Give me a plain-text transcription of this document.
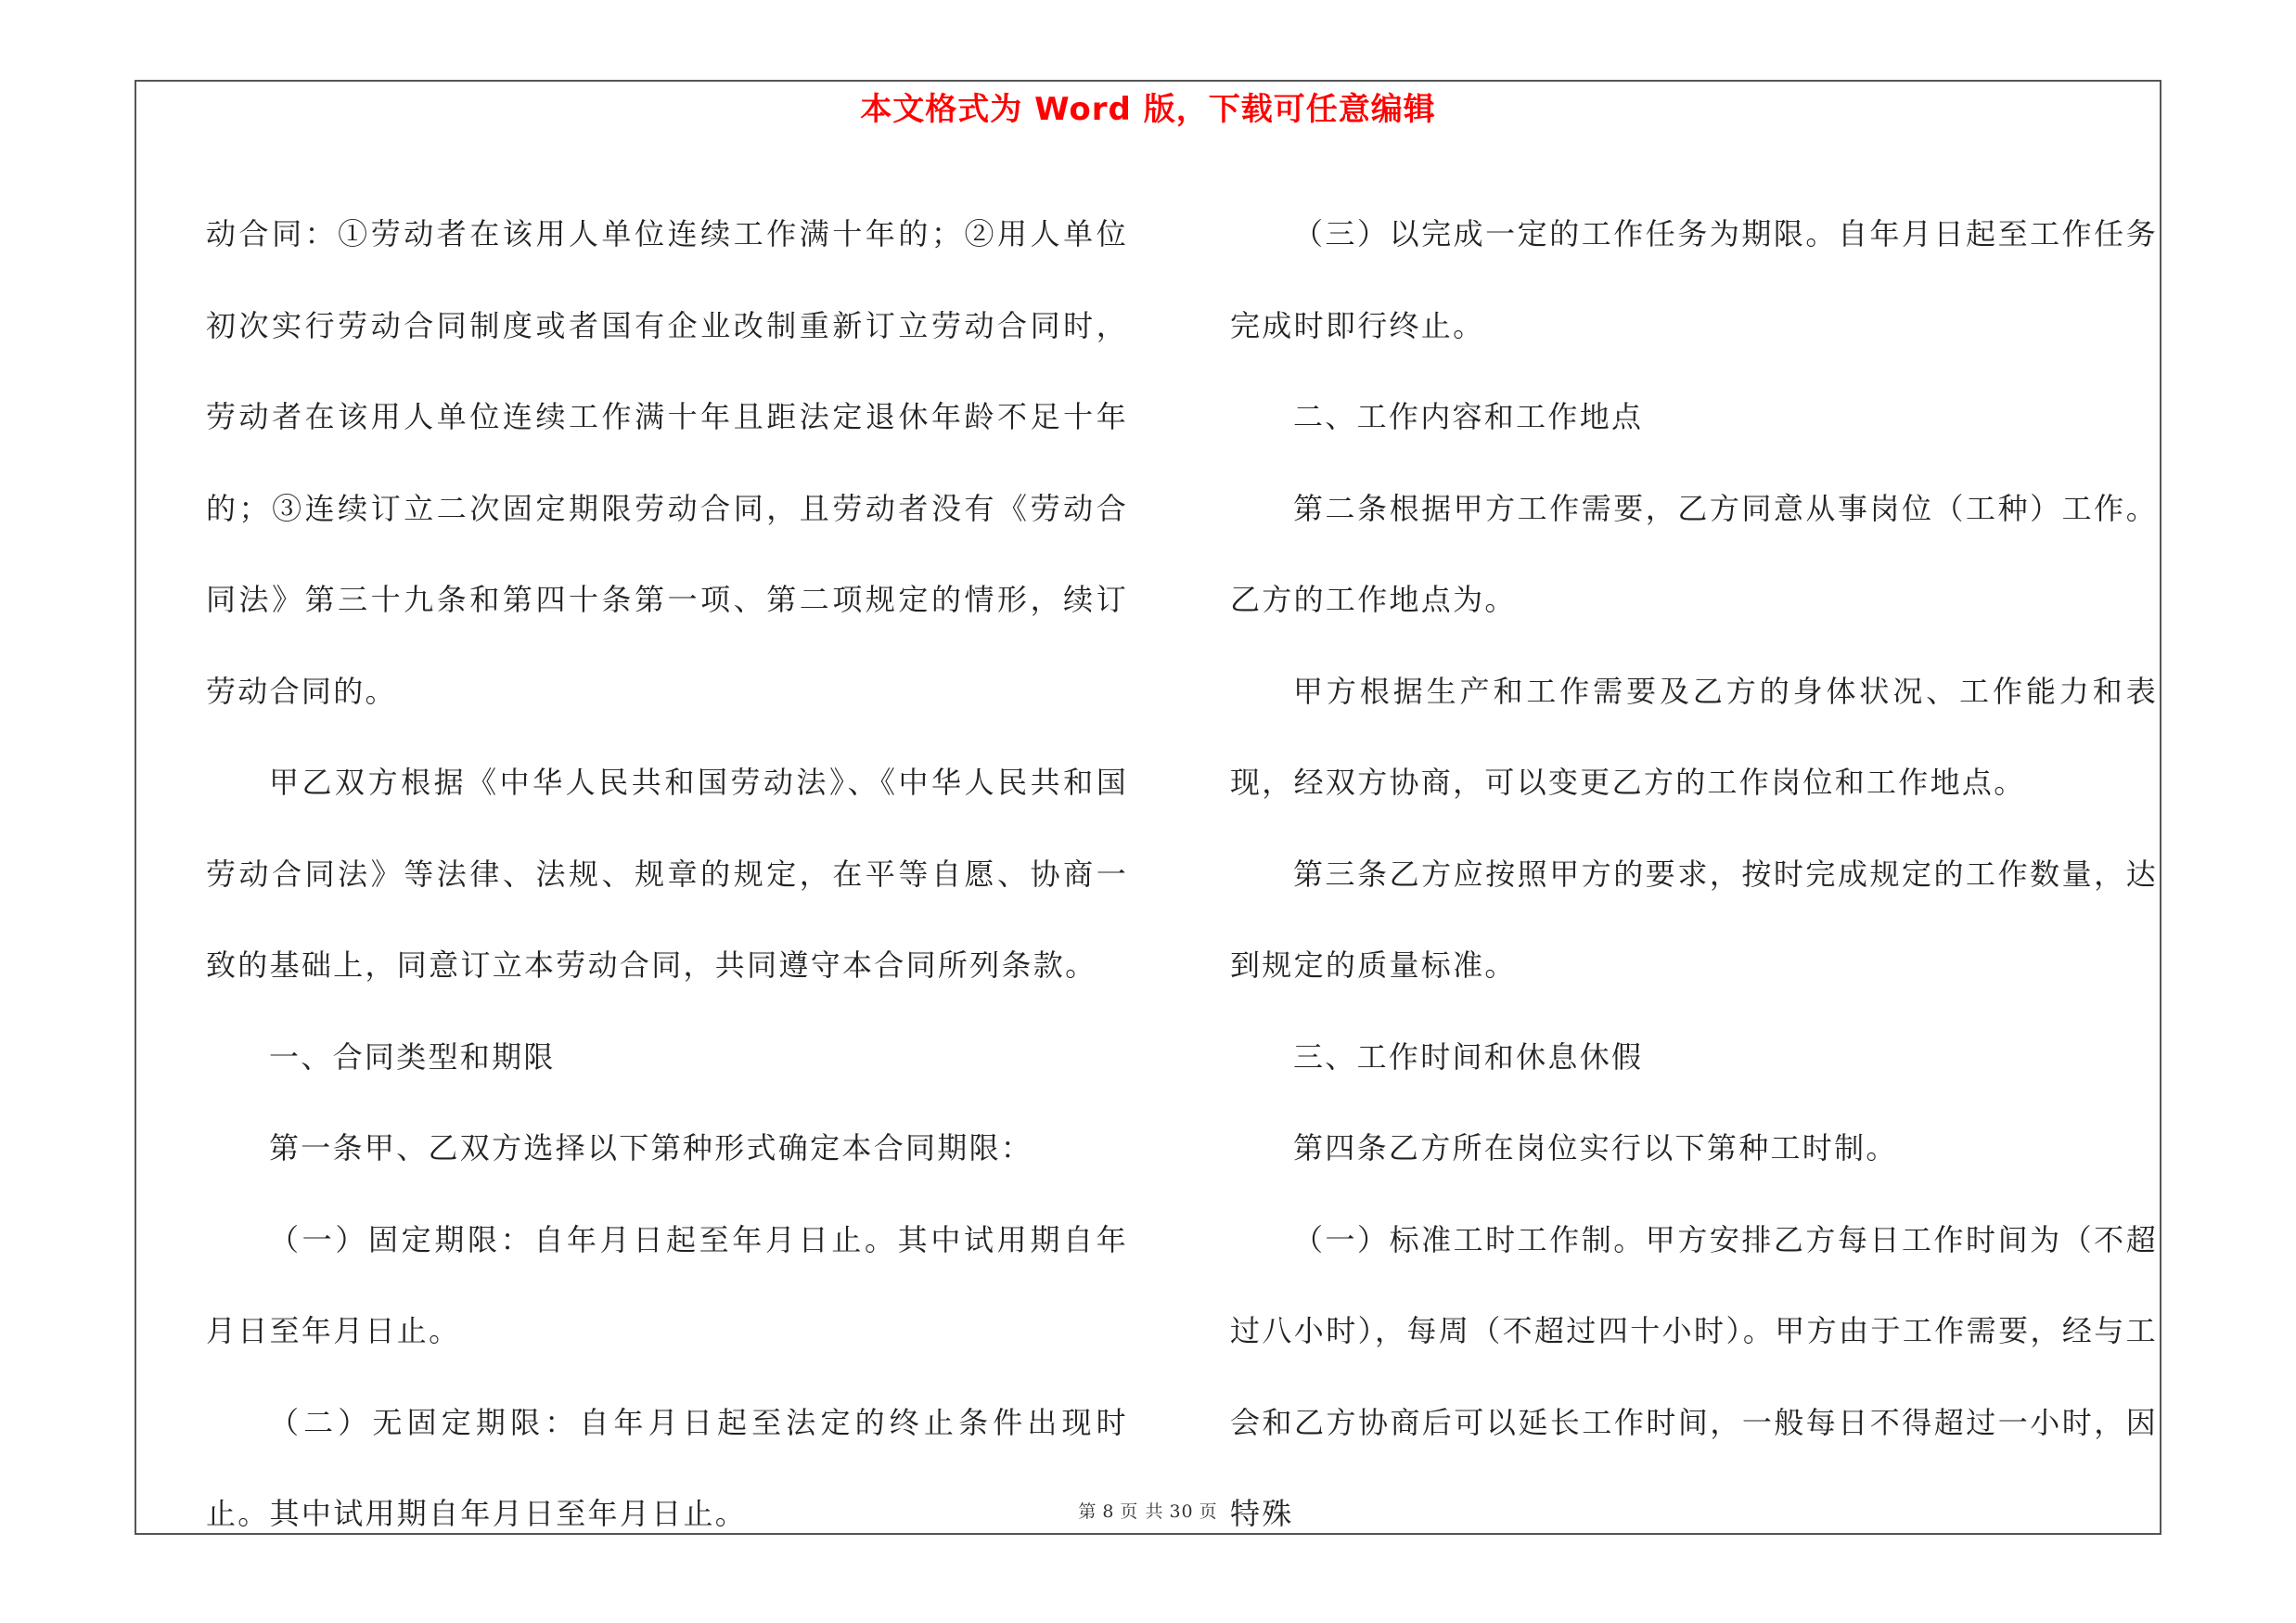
本文格式为 Word 版，下载可任意编辑

动合同：①劳动者在该用人单位连续工作满十年的；②用人单位初次实行劳动合同制度或者国有企业改制重新订立劳动合同时，劳动者在该用人单位连续工作满十年且距法定退休年龄不足十年的；③连续订立二次固定期限劳动合同，且劳动者没有《劳动合同法》第三十九条和第四十条第一项、第二项规定的情形，续订劳动合同的。

甲乙双方根据《中华人民共和国劳动法》、《中华人民共和国劳动合同法》等法律、法规、规章的规定，在平等自愿、协商一致的基础上，同意订立本劳动合同，共同遵守本合同所列条款。

一、合同类型和期限

第一条甲、乙双方选择以下第种形式确定本合同期限：

（一）固定期限：自年月日起至年月日止。其中试用期自年月日至年月日止。

（二）无固定期限：自年月日起至法定的终止条件出现时止。其中试用期自年月日至年月日止。

（三）以完成一定的工作任务为期限。自年月日起至工作任务完成时即行终止。

二、工作内容和工作地点

第二条根据甲方工作需要，乙方同意从事岗位（工种）工作。乙方的工作地点为。

甲方根据生产和工作需要及乙方的身体状况、工作能力和表现，经双方协商，可以变更乙方的工作岗位和工作地点。

第三条乙方应按照甲方的要求，按时完成规定的工作数量，达到规定的质量标准。

三、工作时间和休息休假

第四条乙方所在岗位实行以下第种工时制。

（一）标准工时工作制。甲方安排乙方每日工作时间为（不超过八小时），每周（不超过四十小时）。甲方由于工作需要，经与工会和乙方协商后可以延长工作时间，一般每日不得超过一小时，因特殊

第 8 页 共 30 页
